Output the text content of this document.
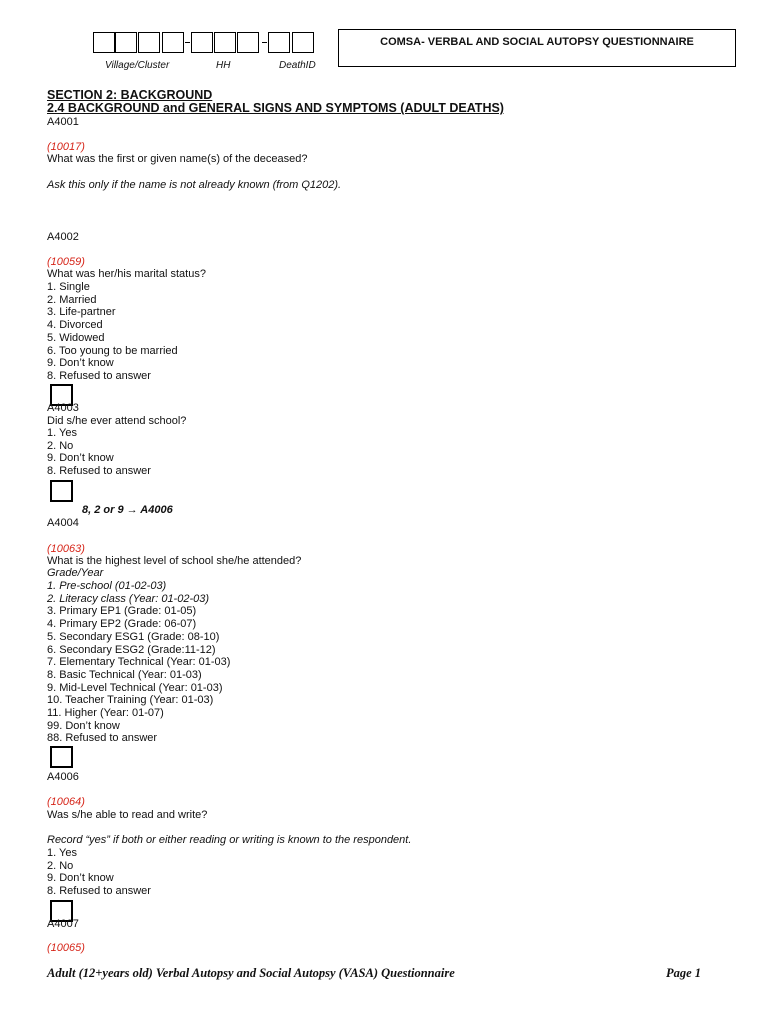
Village/Cluster	HH	DeathID
COMSA- VERBAL AND SOCIAL AUTOPSY QUESTIONNAIRE
SECTION 2: BACKGROUND
2.4 BACKGROUND and GENERAL SIGNS AND SYMPTOMS (ADULT DEATHS)
A4001
(10017)
What was the first or given name(s) of the deceased?
Ask this only if the name is not already known (from Q1202).
A4002
(10059)
What was her/his marital status?
1. Single
2. Married
3. Life-partner
4. Divorced
5. Widowed
6. Too young to be married
9. Don’t know
8. Refused to answer
A4003
Did s/he ever attend school?
1. Yes
2. No
9. Don’t know
8. Refused to answer
8, 2 or 9 → A4006
A4004
(10063)
What is the highest level of school she/he attended?
Grade/Year
1. Pre-school (01-02-03)
2. Literacy class (Year: 01-02-03)
3. Primary EP1 (Grade: 01-05)
4. Primary EP2 (Grade: 06-07)
5. Secondary ESG1 (Grade: 08-10)
6. Secondary ESG2 (Grade:11-12)
7. Elementary Technical (Year: 01-03)
8. Basic Technical (Year: 01-03)
9. Mid-Level Technical (Year: 01-03)
10. Teacher Training (Year: 01-03)
11. Higher (Year: 01-07)
99. Don’t know
88. Refused to answer
A4006
(10064)
Was s/he able to read and write?
Record “yes” if both or either reading or writing is known to the respondent.
1. Yes
2. No
9. Don’t know
8. Refused to answer
A4007
(10065)
Adult (12+years old) Verbal Autopsy and Social Autopsy (VASA) Questionnaire	Page 1
